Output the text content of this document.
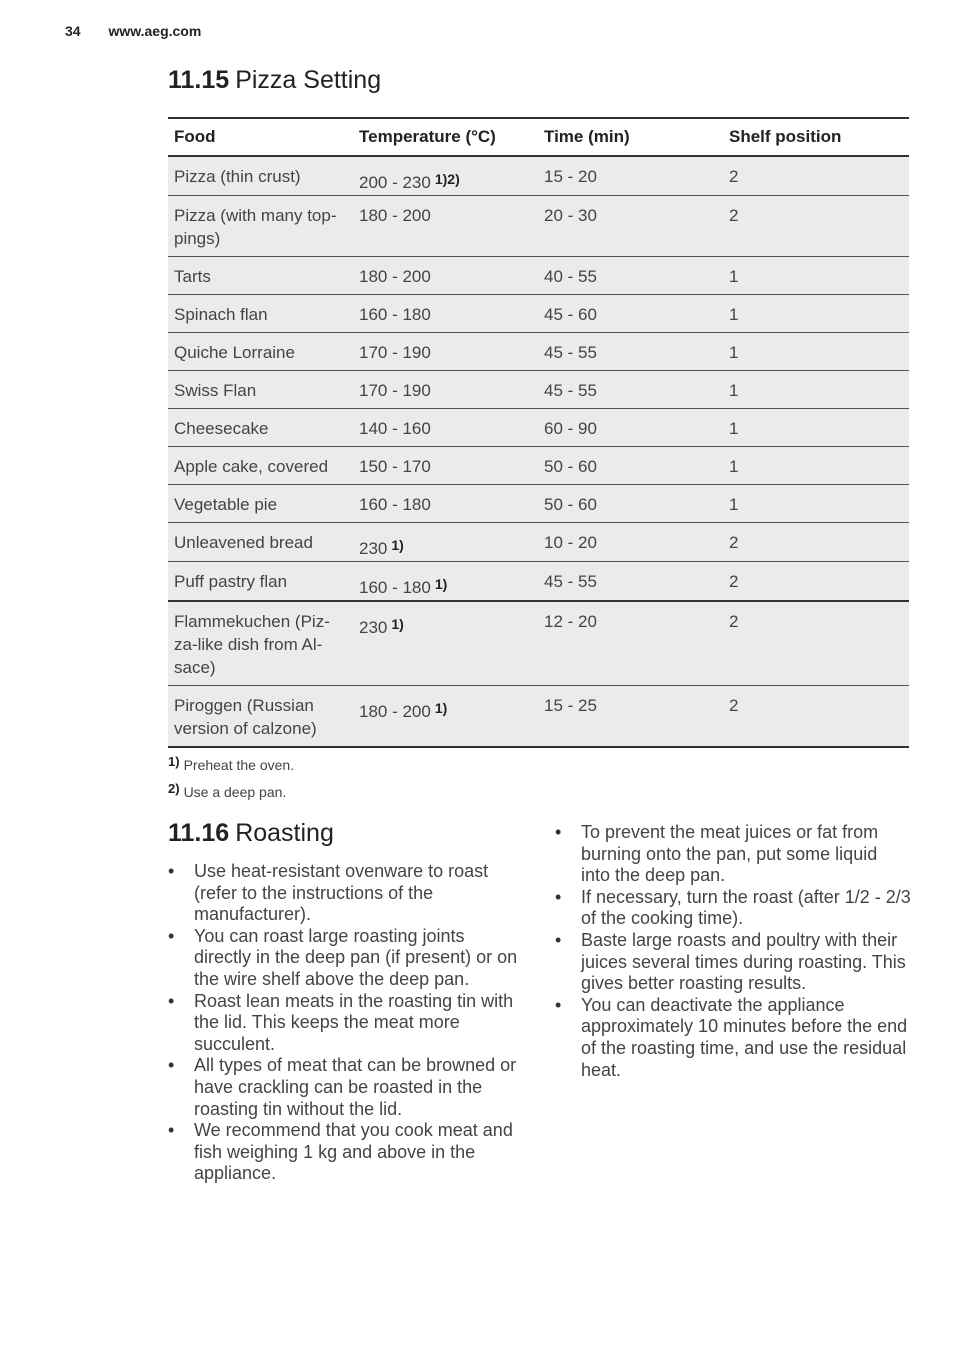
34 www.aeg.com
11.15 Pizza Setting
Food	Temperature (°C)	Time (min)	Shelf position
Pizza (thin crust)	200 - 230 $^{1)2)}$	15 - 20	2
Pizza (with many top-pings)	180 - 200	20 - 30	2
Tarts	180 - 200	40 - 55	1
Spinach flan	160 - 180	45 - 60	1
Quiche Lorraine	170 - 190	45 - 55	1
Swiss Flan	170 - 190	45 - 55	1
Cheesecake	140 - 160	60 - 90	1
Apple cake, covered	150 - 170	50 - 60	1
Vegetable pie	160 - 180	50 - 60	1
Unleavened bread	230 $^{1)}$	10 - 20	2
Puff pastry flan	160 - 180 $^{1)}$	45 - 55	2
Flammekuchen (Piz-za-like dish from Al-sace)	230 $^{1)}$	12 - 20	2
Piroggen (Russian version of calzone)	180 - 200 $^{1)}$	15 - 25	2
1) Preheat the oven.
2) Use a deep pan.
11.16 Roasting
• Use heat-resistant ovenware to roast (refer to the instructions of the manufacturer).
• You can roast large roasting joints directly in the deep pan (if present) or on the wire shelf above the deep pan.
• Roast lean meats in the roasting tin with the lid. This keeps the meat more succulent.
• All types of meat that can be browned or have crackling can be roasted in the roasting tin without the lid.
• We recommend that you cook meat and fish weighing 1 kg and above in the appliance.
• To prevent the meat juices or fat from burning onto the pan, put some liquid into the deep pan.
• If necessary, turn the roast (after 1/2 - 2/3 of the cooking time).
• Baste large roasts and poultry with their juices several times during roasting. This gives better roasting results.
• You can deactivate the appliance approximately 10 minutes before the end of the roasting time, and use the residual heat.
